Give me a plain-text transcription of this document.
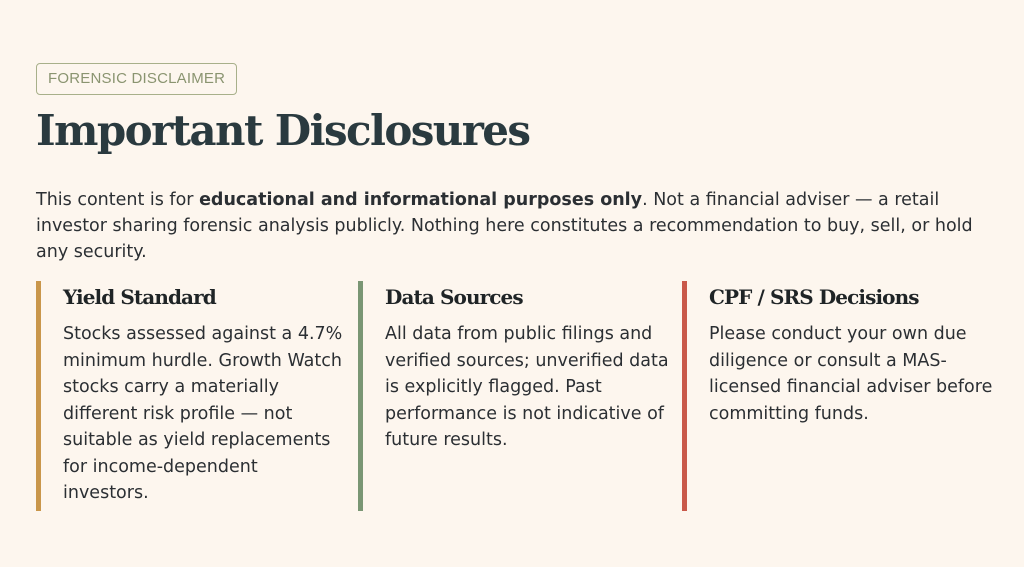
FORENSIC DISCLAIMER
Important Disclosures

This content is for educational and informational purposes only. Not a financial adviser — a retail investor sharing forensic analysis publicly. Nothing here constitutes a recommendation to buy, sell, or hold any security.

Yield Standard

Stocks assessed against a 4.7% minimum hurdle. Growth Watch stocks carry a materially different risk profile — not suitable as yield replacements for income-dependent investors.

Data Sources

All data from public filings and verified sources; unverified data is explicitly flagged. Past performance is not indicative of future results.

CPF / SRS Decisions

Please conduct your own due diligence or consult a MAS-licensed financial adviser before committing funds.
